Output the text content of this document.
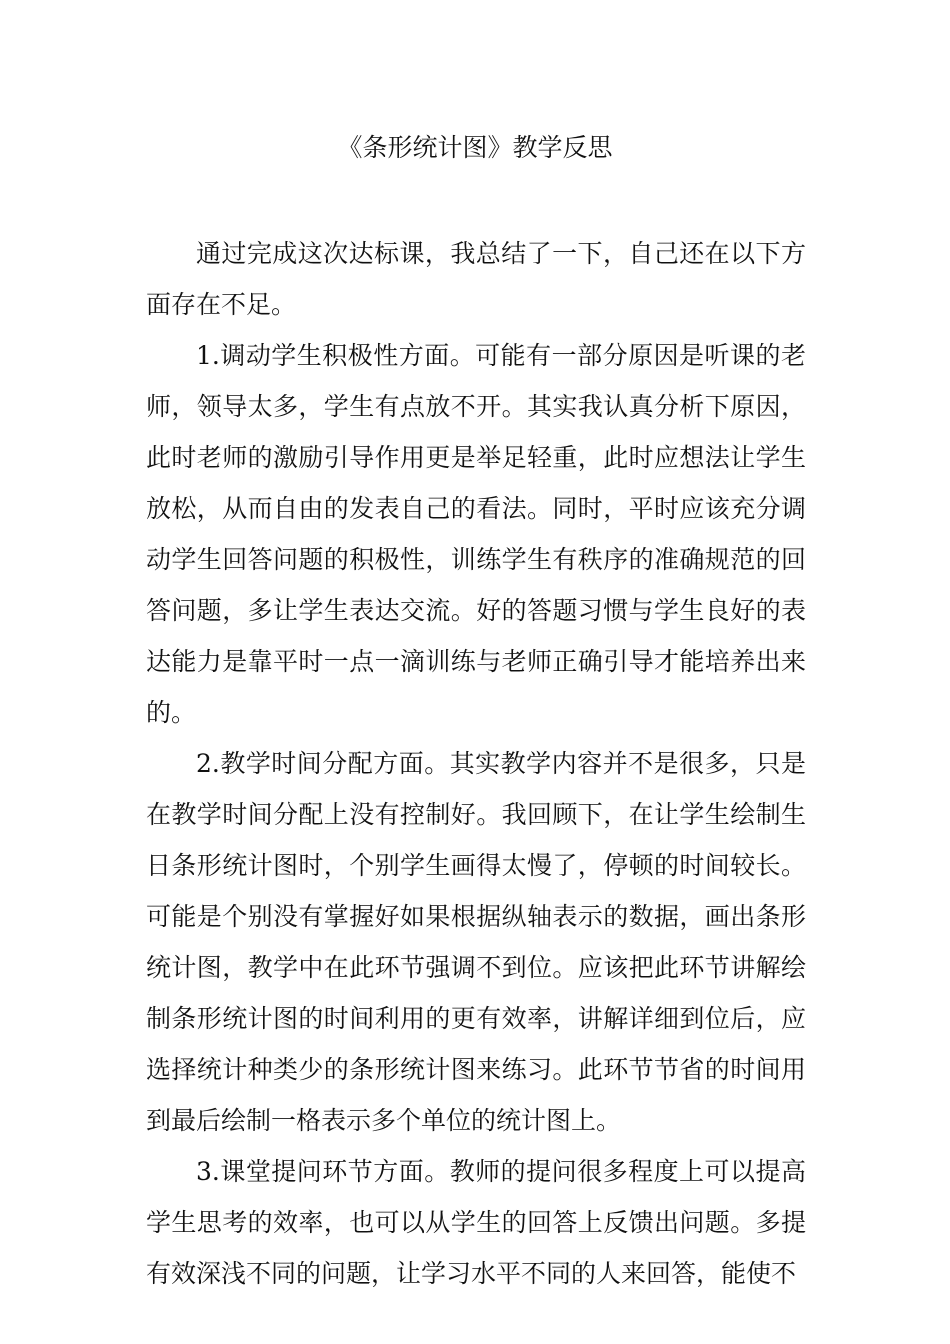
《条形统计图》教学反思

通过完成这次达标课，我总结了一下，自己还在以下方面存在不足。

1.调动学生积极性方面。可能有一部分原因是听课的老师，领导太多，学生有点放不开。其实我认真分析下原因，此时老师的激励引导作用更是举足轻重，此时应想法让学生放松，从而自由的发表自己的看法。同时，平时应该充分调动学生回答问题的积极性，训练学生有秩序的准确规范的回答问题，多让学生表达交流。好的答题习惯与学生良好的表达能力是靠平时一点一滴训练与老师正确引导才能培养出来的。

2.教学时间分配方面。其实教学内容并不是很多，只是在教学时间分配上没有控制好。我回顾下，在让学生绘制生日条形统计图时，个别学生画得太慢了，停顿的时间较长。可能是个别没有掌握好如果根据纵轴表示的数据，画出条形统计图，教学中在此环节强调不到位。应该把此环节讲解绘制条形统计图的时间利用的更有效率，讲解详细到位后，应选择统计种类少的条形统计图来练习。此环节节省的时间用到最后绘制一格表示多个单位的统计图上。

3.课堂提问环节方面。教师的提问很多程度上可以提高学生思考的效率，也可以从学生的回答上反馈出问题。多提有效深浅不同的问题，让学习水平不同的人来回答，能使不
